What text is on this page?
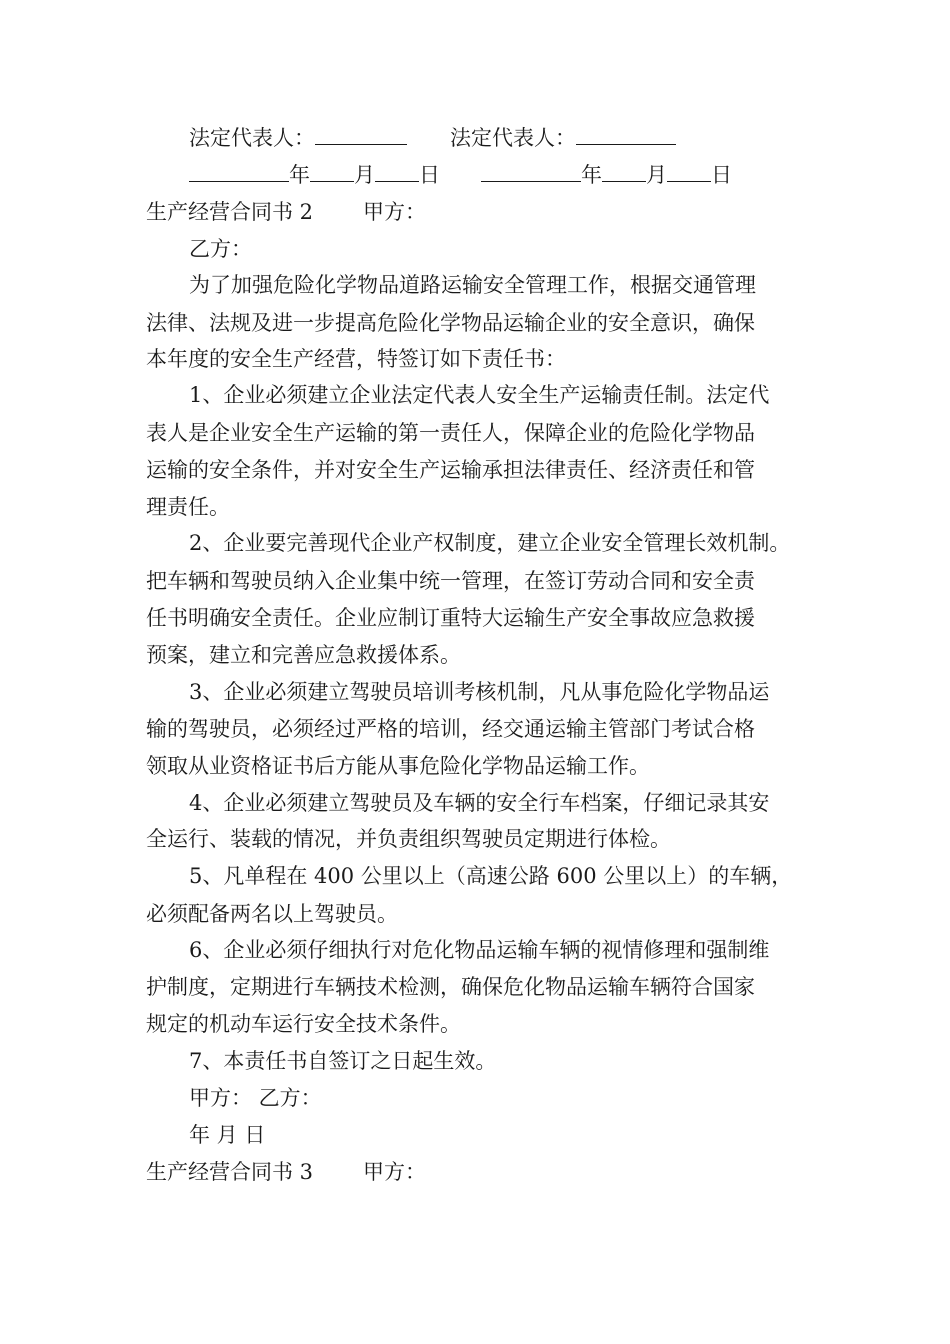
法定代表人：	法定代表人：
年 月 日	年 月 日
生产经营合同书 2 甲方：
乙方：
为了加强危险化学物品道路运输安全管理工作，根据交通管理
法律、法规及进一步提高危险化学物品运输企业的安全意识，确保
本年度的安全生产经营，特签订如下责任书：
1、企业必须建立企业法定代表人安全生产运输责任制。法定代
表人是企业安全生产运输的第一责任人，保障企业的危险化学物品
运输的安全条件，并对安全生产运输承担法律责任、经济责任和管
理责任。
2、企业要完善现代企业产权制度，建立企业安全管理长效机制。
把车辆和驾驶员纳入企业集中统一管理，在签订劳动合同和安全责
任书明确安全责任。企业应制订重特大运输生产安全事故应急救援
预案，建立和完善应急救援体系。
3、企业必须建立驾驶员培训考核机制，凡从事危险化学物品运
输的驾驶员，必须经过严格的培训，经交通运输主管部门考试合格
领取从业资格证书后方能从事危险化学物品运输工作。
4、企业必须建立驾驶员及车辆的安全行车档案，仔细记录其安
全运行、装载的情况，并负责组织驾驶员定期进行体检。
5、凡单程在 400 公里以上（高速公路 600 公里以上）的车辆，
必须配备两名以上驾驶员。
6、企业必须仔细执行对危化物品运输车辆的视情修理和强制维
护制度，定期进行车辆技术检测，确保危化物品运输车辆符合国家
规定的机动车运行安全技术条件。
7、本责任书自签订之日起生效。
甲方： 乙方：
年 月 日
生产经营合同书 3 甲方：
